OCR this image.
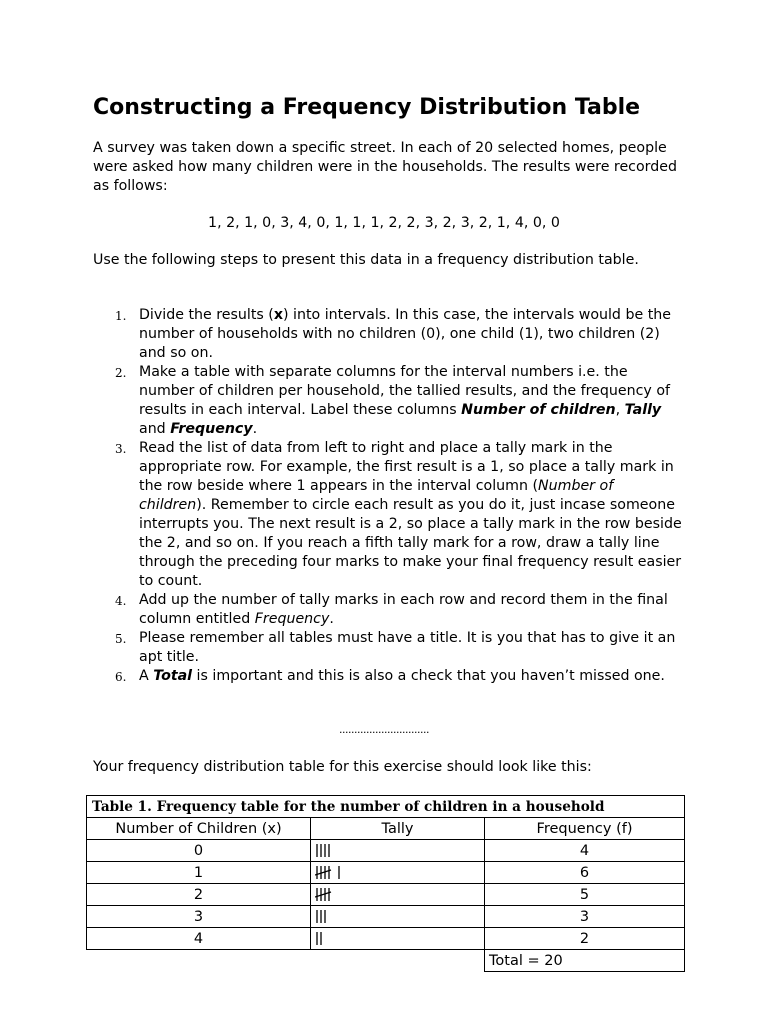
Constructing a Frequency Distribution Table

A survey was taken down a specific street. In each of 20 selected homes, people were asked how many children were in the households. The results were recorded as follows:

1, 2, 1, 0, 3, 4, 0, 1, 1, 1, 2, 2, 3, 2, 3, 2, 1, 4, 0, 0

Use the following steps to present this data in a frequency distribution table.

1. Divide the results (x) into intervals. In this case, the intervals would be the number of households with no children (0), one child (1), two children (2) and so on.
2. Make a table with separate columns for the interval numbers i.e. the number of children per household, the tallied results, and the frequency of results in each interval. Label these columns Number of children, Tally and Frequency.
3. Read the list of data from left to right and place a tally mark in the appropriate row. For example, the first result is a 1, so place a tally mark in the row beside where 1 appears in the interval column (Number of children). Remember to circle each result as you do it, just incase someone interrupts you. The next result is a 2, so place a tally mark in the row beside the 2, and so on. If you reach a fifth tally mark for a row, draw a tally line through the preceding four marks to make your final frequency result easier to count.
4. Add up the number of tally marks in each row and record them in the final column entitled Frequency.
5. Please remember all tables must have a title. It is you that has to give it an apt title.
6. A Total is important and this is also a check that you haven’t missed one.
..............................

Your frequency distribution table for this exercise should look like this:

Table 1. Frequency table for the number of children in a household		
Number of Children (x)	Tally	Frequency (f)
0		4
1		6
2		5
3		3
4		2
		Total = 20
